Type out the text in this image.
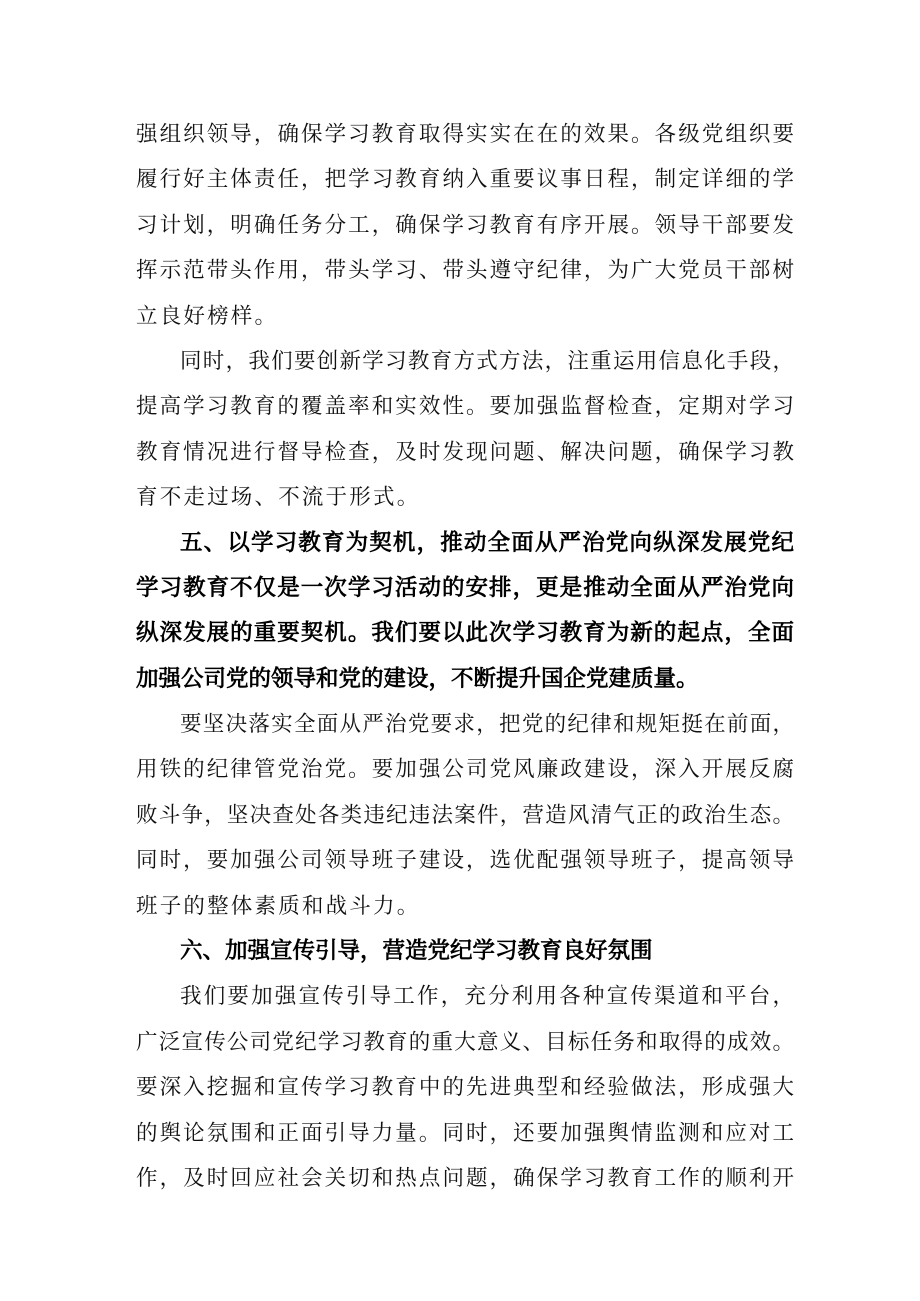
强组织领导，确保学习教育取得实实在在的效果。各级党组织要
履行好主体责任，把学习教育纳入重要议事日程，制定详细的学
习计划，明确任务分工，确保学习教育有序开展。领导干部要发
挥示范带头作用，带头学习、带头遵守纪律，为广大党员干部树
立良好榜样。
同时，我们要创新学习教育方式方法，注重运用信息化手段，
提高学习教育的覆盖率和实效性。要加强监督检查，定期对学习
教育情况进行督导检查，及时发现问题、解决问题，确保学习教
育不走过场、不流于形式。
五、以学习教育为契机，推动全面从严治党向纵深发展党纪
学习教育不仅是一次学习活动的安排，更是推动全面从严治党向
纵深发展的重要契机。我们要以此次学习教育为新的起点，全面
加强公司党的领导和党的建设，不断提升国企党建质量。
要坚决落实全面从严治党要求，把党的纪律和规矩挺在前面，
用铁的纪律管党治党。要加强公司党风廉政建设，深入开展反腐
败斗争，坚决查处各类违纪违法案件，营造风清气正的政治生态。
同时，要加强公司领导班子建设，选优配强领导班子，提高领导
班子的整体素质和战斗力。
六、加强宣传引导，营造党纪学习教育良好氛围
我们要加强宣传引导工作，充分利用各种宣传渠道和平台，
广泛宣传公司党纪学习教育的重大意义、目标任务和取得的成效。
要深入挖掘和宣传学习教育中的先进典型和经验做法，形成强大
的舆论氛围和正面引导力量。同时，还要加强舆情监测和应对工
作，及时回应社会关切和热点问题，确保学习教育工作的顺利开
